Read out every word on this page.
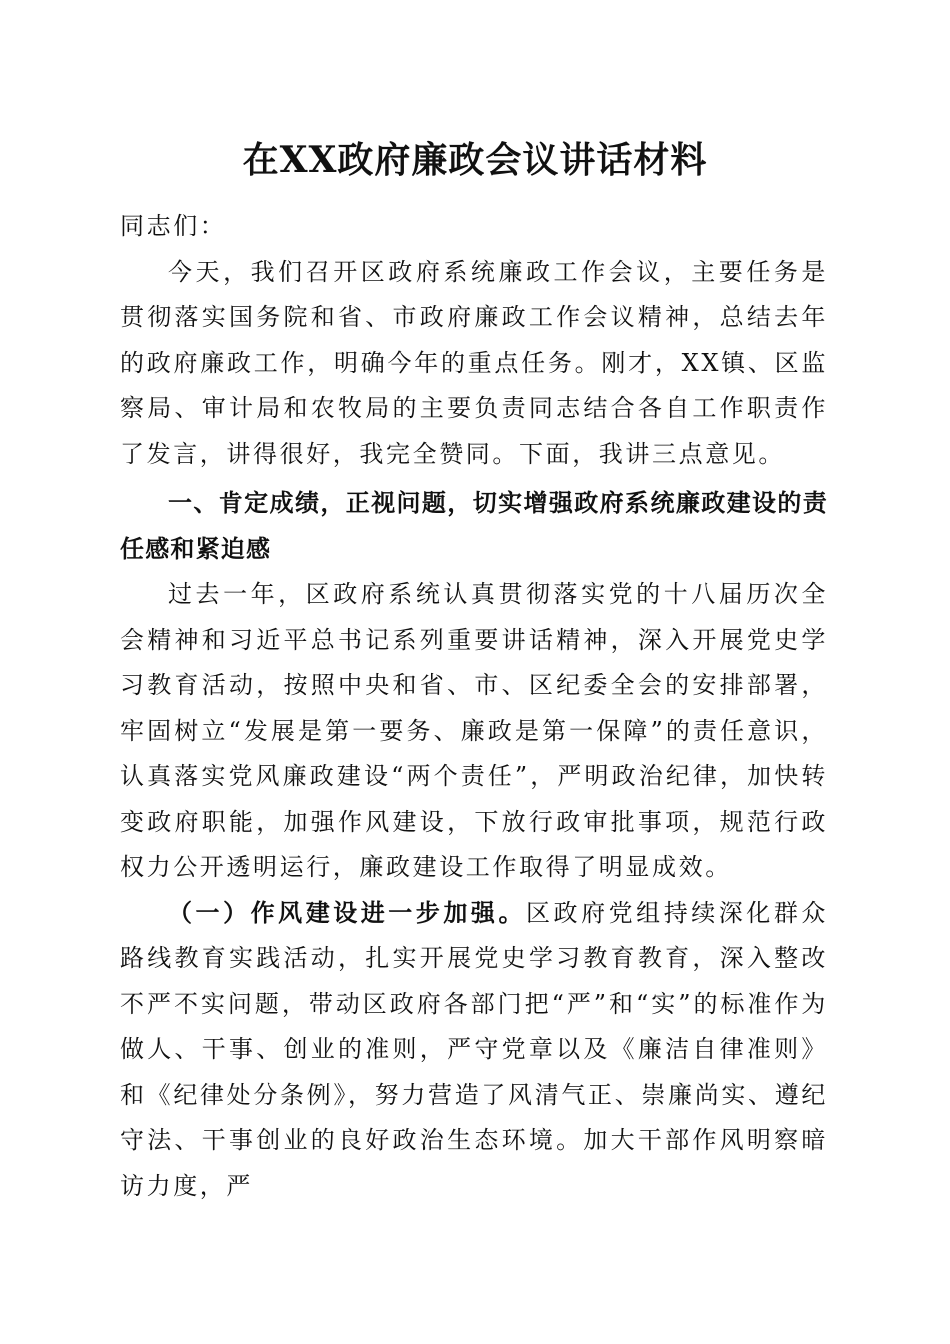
在XX政府廉政会议讲话材料

同志们：

今天，我们召开区政府系统廉政工作会议，主要任务是贯彻落实国务院和省、市政府廉政工作会议精神，总结去年的政府廉政工作，明确今年的重点任务。刚才，XX镇、区监察局、审计局和农牧局的主要负责同志结合各自工作职责作了发言，讲得很好，我完全赞同。下面，我讲三点意见。

一、肯定成绩，正视问题，切实增强政府系统廉政建设的责任感和紧迫感

过去一年，区政府系统认真贯彻落实党的十八届历次全会精神和习近平总书记系列重要讲话精神，深入开展党史学习教育活动，按照中央和省、市、区纪委全会的安排部署，牢固树立“发展是第一要务、廉政是第一保障”的责任意识，认真落实党风廉政建设“两个责任”，严明政治纪律，加快转变政府职能，加强作风建设，下放行政审批事项，规范行政权力公开透明运行，廉政建设工作取得了明显成效。

（一）作风建设进一步加强。区政府党组持续深化群众路线教育实践活动，扎实开展党史学习教育教育，深入整改不严不实问题，带动区政府各部门把“严”和“实”的标准作为做人、干事、创业的准则，严守党章以及《廉洁自律准则》和《纪律处分条例》，努力营造了风清气正、崇廉尚实、遵纪守法、干事创业的良好政治生态环境。加大干部作风明察暗访力度，严
